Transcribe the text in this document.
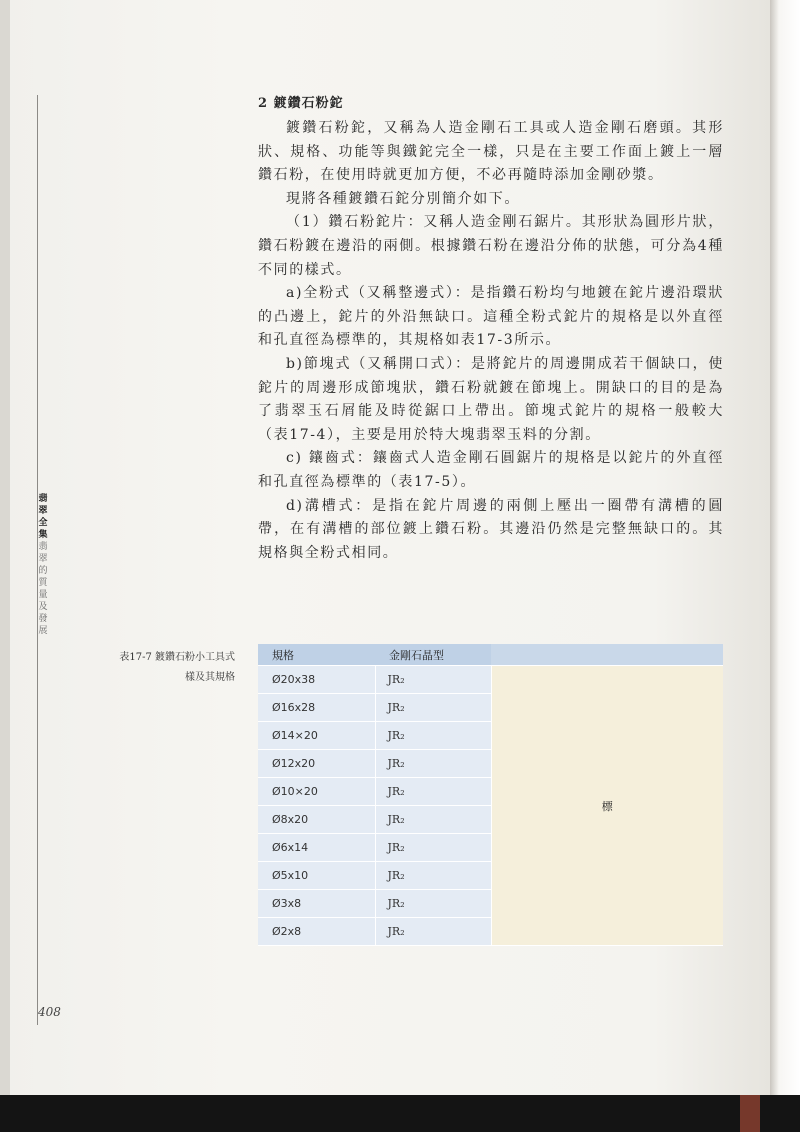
翡
翠
全
集
翡
翠
的
質
量
及
發
展
408
2 鍍鑽石粉鉈

鍍鑽石粉鉈，又稱為人造金剛石工具或人造金剛石磨頭。其形狀、規格、功能等與鐵鉈完全一樣，只是在主要工作面上鍍上一層鑽石粉，在使用時就更加方便，不必再隨時添加金剛砂漿。

現將各種鍍鑽石鉈分別簡介如下。

（1）鑽石粉鉈片：又稱人造金剛石鋸片。其形狀為圓形片狀，鑽石粉鍍在邊沿的兩側。根據鑽石粉在邊沿分佈的狀態，可分為4種不同的樣式。

a)全粉式（又稱整邊式）：是指鑽石粉均勻地鍍在鉈片邊沿環狀的凸邊上，鉈片的外沿無缺口。這種全粉式鉈片的規格是以外直徑和孔直徑為標準的，其規格如表17-3所示。

b)節塊式（又稱開口式）：是將鉈片的周邊開成若干個缺口，使鉈片的周邊形成節塊狀，鑽石粉就鍍在節塊上。開缺口的目的是為了翡翠玉石屑能及時從鋸口上帶出。節塊式鉈片的規格一般較大（表17-4），主要是用於特大塊翡翠玉料的分割。

c) 鑲齒式：鑲齒式人造金剛石圓鋸片的規格是以鉈片的外直徑和孔直徑為標準的（表17-5）。

d)溝槽式：是指在鉈片周邊的兩側上壓出一圈帶有溝槽的圓帶，在有溝槽的部位鍍上鑽石粉。其邊沿仍然是完整無缺口的。其規格與全粉式相同。

表17-7 鍍鑽石粉小工具式
樣及其規格
規格	金剛石晶型	
Ø20x38	JR₂	標
Ø16x28	JR₂	
Ø14×20	JR₂	
Ø12x20	JR₂	
Ø10×20	JR₂	
Ø8x20	JR₂	
Ø6x14	JR₂	
Ø5x10	JR₂	
Ø3x8	JR₂	
Ø2x8	JR₂	
